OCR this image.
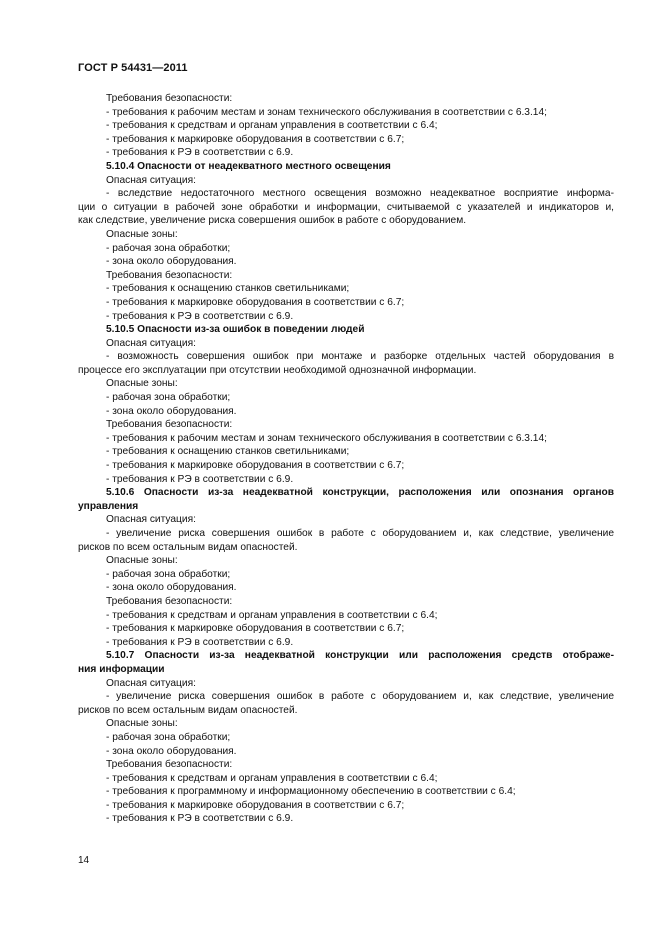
ГОСТ Р 54431—2011
Требования безопасности:
- требования к рабочим местам и зонам технического обслуживания в соответствии с 6.3.14;
- требования к средствам и органам управления в соответствии с 6.4;
- требования к маркировке оборудования в соответствии с 6.7;
- требования к РЭ в соответствии с 6.9.
5.10.4 Опасности от неадекватного местного освещения
Опасная ситуация:
- вследствие недостаточного местного освещения возможно неадекватное восприятие информа-
ции о ситуации в рабочей зоне обработки и информации, считываемой с указателей и индикаторов и,
как следствие, увеличение риска совершения ошибок в работе с оборудованием.
Опасные зоны:
- рабочая зона обработки;
- зона около оборудования.
Требования безопасности:
- требования к оснащению станков светильниками;
- требования к маркировке оборудования в соответствии с 6.7;
- требования к РЭ в соответствии с 6.9.
5.10.5 Опасности из-за ошибок в поведении людей
Опасная ситуация:
- возможность совершения ошибок при монтаже и разборке отдельных частей оборудования в
процессе его эксплуатации при отсутствии необходимой однозначной информации.
Опасные зоны:
- рабочая зона обработки;
- зона около оборудования.
Требования безопасности:
- требования к рабочим местам и зонам технического обслуживания в соответствии с 6.3.14;
- требования к оснащению станков светильниками;
- требования к маркировке оборудования в соответствии с 6.7;
- требования к РЭ в соответствии с 6.9.
5.10.6 Опасности из-за неадекватной конструкции, расположения или опознания органов
управления
Опасная ситуация:
- увеличение риска совершения ошибок в работе с оборудованием и, как следствие, увеличение
рисков по всем остальным видам опасностей.
Опасные зоны:
- рабочая зона обработки;
- зона около оборудования.
Требования безопасности:
- требования к средствам и органам управления в соответствии с 6.4;
- требования к маркировке оборудования в соответствии с 6.7;
- требования к РЭ в соответствии с 6.9.
5.10.7 Опасности из-за неадекватной конструкции или расположения средств отображе-
ния информации
Опасная ситуация:
- увеличение риска совершения ошибок в работе с оборудованием и, как следствие, увеличение
рисков по всем остальным видам опасностей.
Опасные зоны:
- рабочая зона обработки;
- зона около оборудования.
Требования безопасности:
- требования к средствам и органам управления в соответствии с 6.4;
- требования к программному и информационному обеспечению в соответствии с 6.4;
- требования к маркировке оборудования в соответствии с 6.7;
- требования к РЭ в соответствии с 6.9.
14
